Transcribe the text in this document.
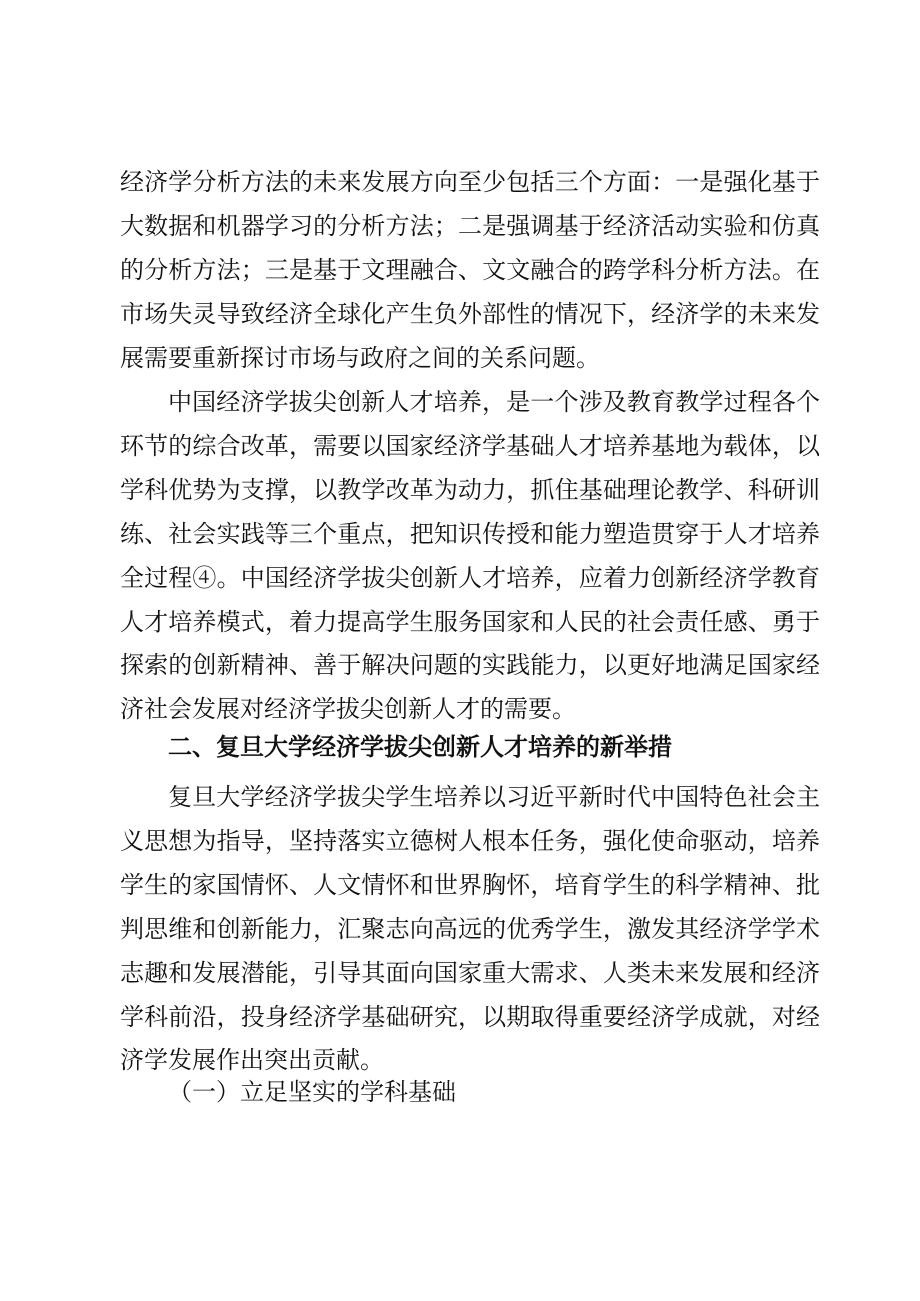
经济学分析方法的未来发展方向至少包括三个方面：一是强化基于大数据和机器学习的分析方法；二是强调基于经济活动实验和仿真的分析方法；三是基于文理融合、文文融合的跨学科分析方法。在市场失灵导致经济全球化产生负外部性的情况下，经济学的未来发展需要重新探讨市场与政府之间的关系问题。

中国经济学拔尖创新人才培养，是一个涉及教育教学过程各个环节的综合改革，需要以国家经济学基础人才培养基地为载体，以学科优势为支撑，以教学改革为动力，抓住基础理论教学、科研训练、社会实践等三个重点，把知识传授和能力塑造贯穿于人才培养全过程④。中国经济学拔尖创新人才培养，应着力创新经济学教育人才培养模式，着力提高学生服务国家和人民的社会责任感、勇于探索的创新精神、善于解决问题的实践能力，以更好地满足国家经济社会发展对经济学拔尖创新人才的需要。

二、复旦大学经济学拔尖创新人才培养的新举措

复旦大学经济学拔尖学生培养以习近平新时代中国特色社会主义思想为指导，坚持落实立德树人根本任务，强化使命驱动，培养学生的家国情怀、人文情怀和世界胸怀，培育学生的科学精神、批判思维和创新能力，汇聚志向高远的优秀学生，激发其经济学学术志趣和发展潜能，引导其面向国家重大需求、人类未来发展和经济学科前沿，投身经济学基础研究，以期取得重要经济学成就，对经济学发展作出突出贡献。

（一）立足坚实的学科基础
